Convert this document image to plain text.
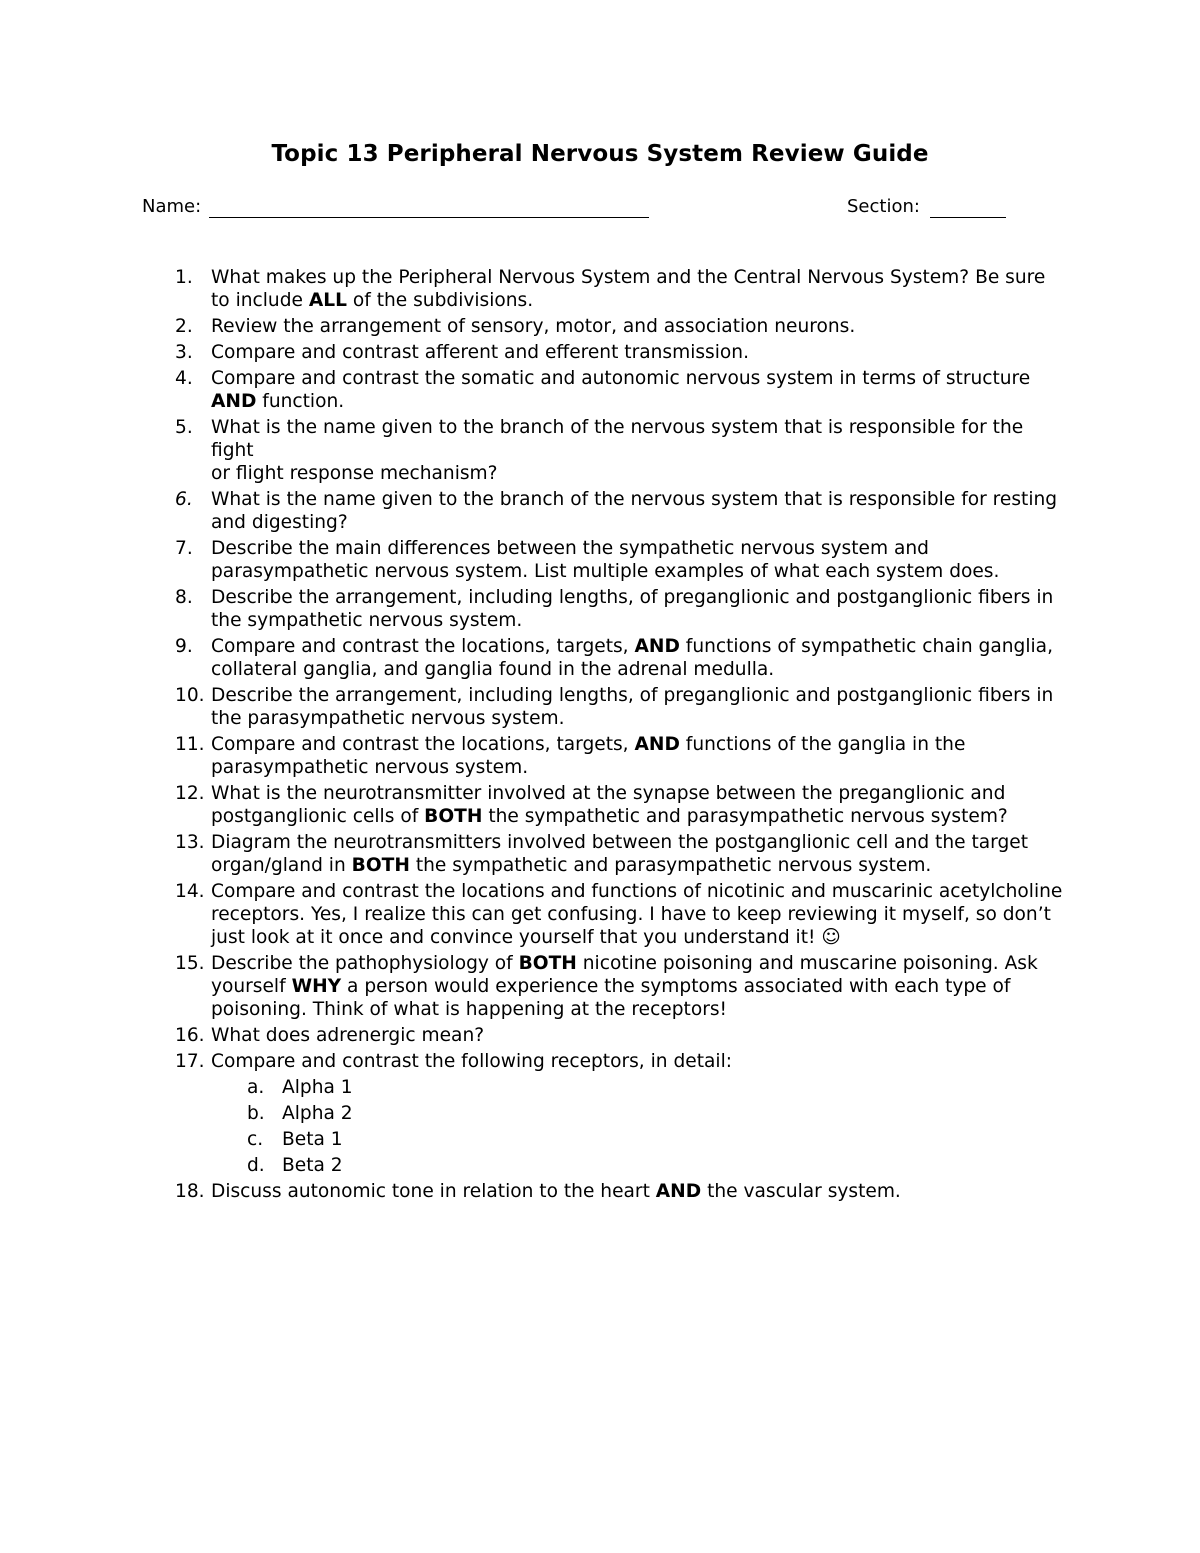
Topic 13 Peripheral Nervous System Review Guide
Name:	Section:
1. What makes up the Peripheral Nervous System and the Central Nervous System? Be sure to include ALL of the subdivisions.
2. Review the arrangement of sensory, motor, and association neurons.
3. Compare and contrast afferent and efferent transmission.
4. Compare and contrast the somatic and autonomic nervous system in terms of structure AND function.
5. What is the name given to the branch of the nervous system that is responsible for the fight
or flight response mechanism?
6. What is the name given to the branch of the nervous system that is responsible for resting and digesting?
7. Describe the main differences between the sympathetic nervous system and parasympathetic nervous system. List multiple examples of what each system does.
8. Describe the arrangement, including lengths, of preganglionic and postganglionic fibers in the sympathetic nervous system.
9. Compare and contrast the locations, targets, AND functions of sympathetic chain ganglia, collateral ganglia, and ganglia found in the adrenal medulla.
10. Describe the arrangement, including lengths, of preganglionic and postganglionic fibers in the parasympathetic nervous system.
11. Compare and contrast the locations, targets, AND functions of the ganglia in the parasympathetic nervous system.
12. What is the neurotransmitter involved at the synapse between the preganglionic and postganglionic cells of BOTH the sympathetic and parasympathetic nervous system?
13. Diagram the neurotransmitters involved between the postganglionic cell and the target organ/gland in BOTH the sympathetic and parasympathetic nervous system.
14. Compare and contrast the locations and functions of nicotinic and muscarinic acetylcholine receptors. Yes, I realize this can get confusing. I have to keep reviewing it myself, so don’t just look at it once and convince yourself that you understand it! ☺
15. Describe the pathophysiology of BOTH nicotine poisoning and muscarine poisoning. Ask yourself WHY a person would experience the symptoms associated with each type of poisoning. Think of what is happening at the receptors!
16. What does adrenergic mean?
17. Compare and contrast the following receptors, in detail:
a. Alpha 1
b. Alpha 2
c. Beta 1
d. Beta 2
18. Discuss autonomic tone in relation to the heart AND the vascular system.
